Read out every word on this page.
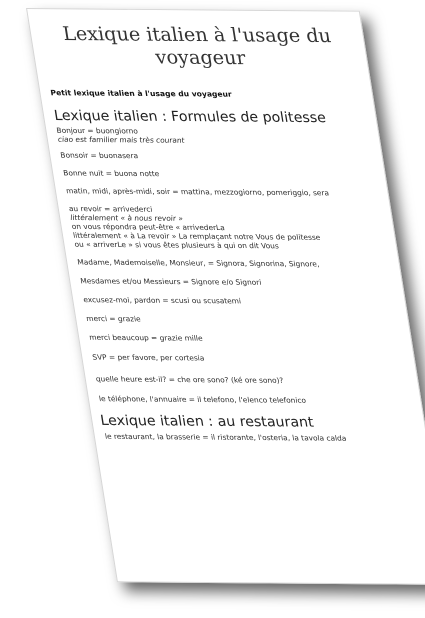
Lexique italien à l'usage du voyageur

Petit lexique italien à l'usage du voyageur

Lexique italien : Formules de politesse

Bonjour = buongiorno

ciao est familier mais très courant

Bonsoir = buonasera

Bonne nuit = buona notte

matin, midi, après-midi, soir = mattina, mezzogiorno, pomeriggio, sera

au revoir = arrivederci

littéralement « à nous revoir »

on vous répondra peut-être « arrivederLa

littéralement « à La revoir » La remplaçant notre Vous de politesse

ou « arriverLe » si vous êtes plusieurs à qui on dit Vous

Madame, Mademoiselle, Monsieur, = Signora, Signorina, Signore,

Mesdames et/ou Messieurs = Signore e/o Signori

excusez-moi, pardon = scusi ou scusatemi

merci = grazie

merci beaucoup = grazie mille

SVP = per favore, per cortesia

quelle heure est-il? = che ore sono? (ké ore sono)?

le téléphone, l'annuaire = il telefono, l'elenco telefonico

Lexique italien : au restaurant

le restaurant, la brasserie = il ristorante, l'osteria, la tavola calda
